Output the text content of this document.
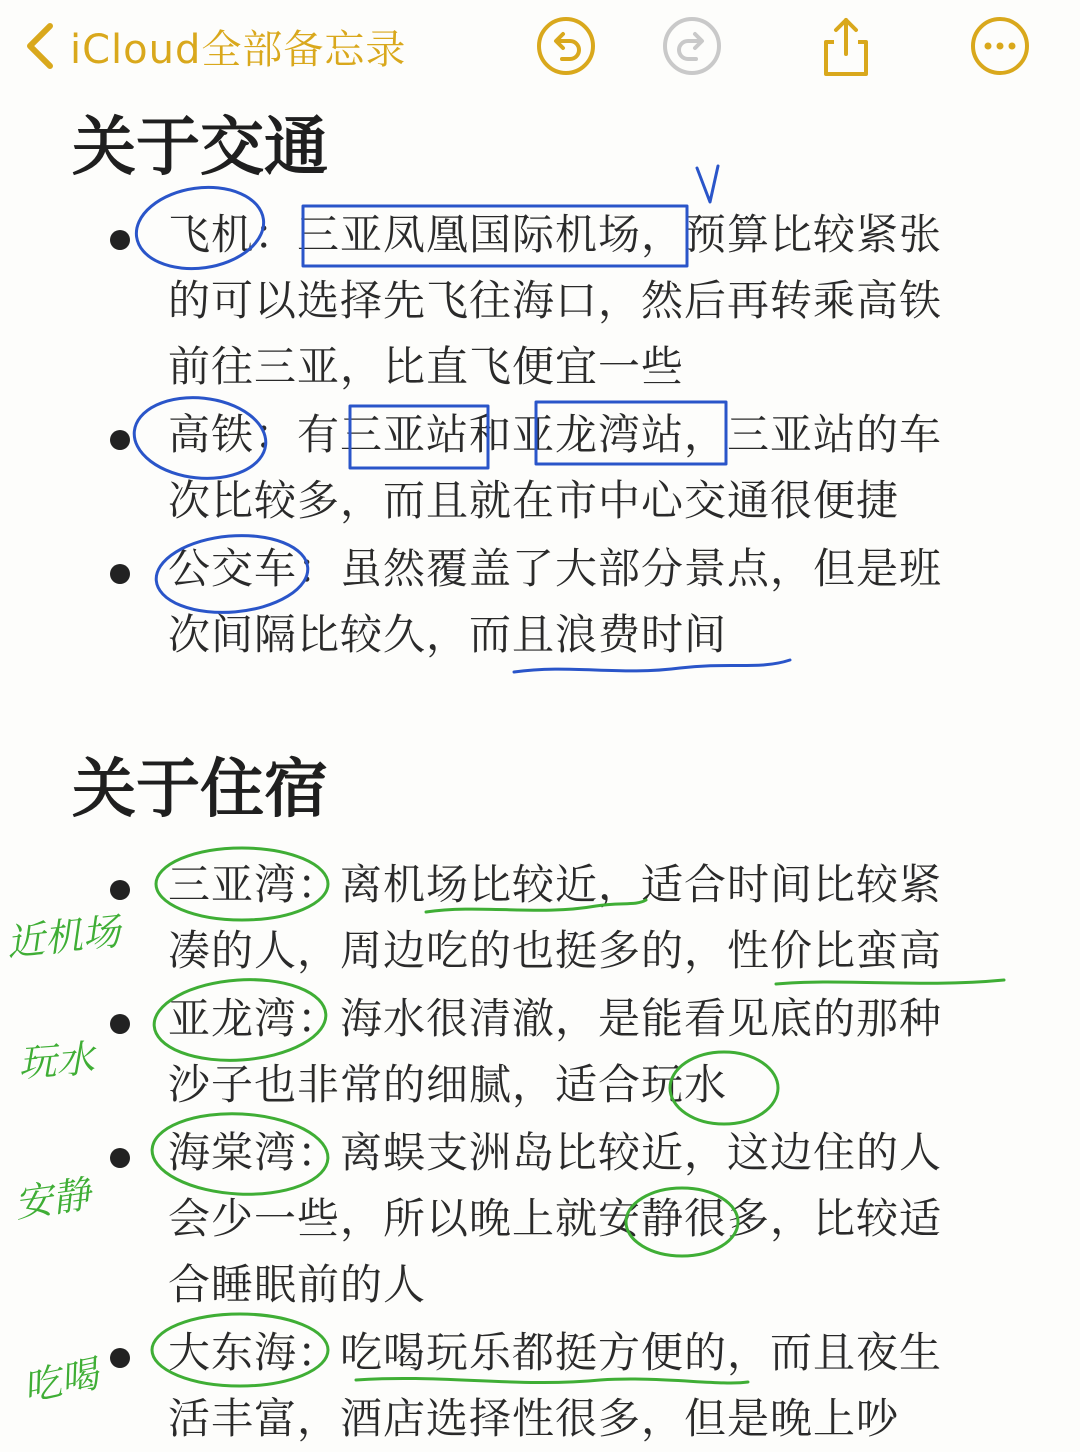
iCloud全部备忘录
关于交通
飞机：三亚凤凰国际机场，预算比较紧张
的可以选择先飞往海口，然后再转乘高铁
前往三亚，比直飞便宜一些
高铁：有三亚站和亚龙湾站，三亚站的车
次比较多，而且就在市中心交通很便捷
公交车：虽然覆盖了大部分景点，但是班
次间隔比较久，而且浪费时间
关于住宿
三亚湾：离机场比较近，适合时间比较紧
凑的人，周边吃的也挺多的，性价比蛮高
亚龙湾：海水很清澈，是能看见底的那种
沙子也非常的细腻，适合玩水
海棠湾：离蜈支洲岛比较近，这边住的人
会少一些，所以晚上就安静很多，比较适
合睡眠前的人
大东海：吃喝玩乐都挺方便的，而且夜生
活丰富，酒店选择性很多，但是晚上吵
近机场
玩水
安静
吃喝
